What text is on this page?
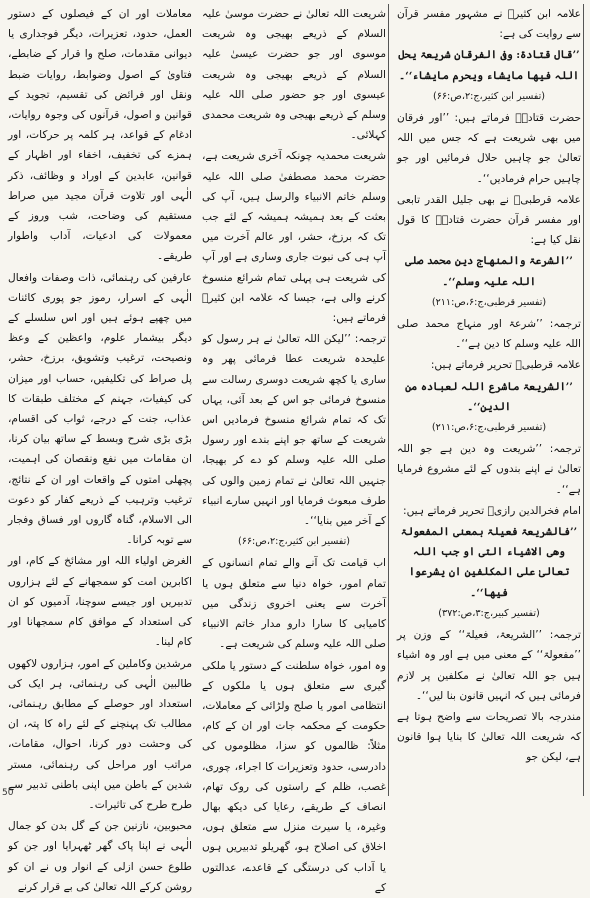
علامہ ابن کثیرؒ نے مشہور مفسر قرآن سے روایت کی ہے:

’’قال قتادۃ: وفی الفرقان شریعۃ یحل اللہ فیھا مایشاء ویحرم مایشاء‘‘۔

(تفسیر ابن کثیر،ج:۲،ص:۶۶)

حضرت قتادہؒ فرماتے ہیں: ’’اور فرقان میں بھی شریعت ہے کہ جس میں اللہ تعالیٰ جو چاہیں حلال فرمائیں اور جو چاہیں حرام فرمادیں‘‘۔

علامہ قرطبیؒ نے بھی جلیل القدر تابعی اور مفسر قرآن حضرت قتادہؒ کا قول نقل کیا ہے:

’’الشرعۃ والمنھاج دین محمد صلی اللہ علیہ وسلم‘‘۔

(تفسیر قرطبی،ج:۶،ص:۲۱۱)

ترجمہ: ’’شرعۃ اور منہاج محمد صلی اللہ علیہ وسلم کا دین ہے‘‘۔

علامہ قرطبیؒ تحریر فرماتے ہیں:

’’الشریعۃ ماشرع اللہ لعبادہ من الدین‘‘۔

(تفسیر قرطبی،ج:۶،ص:۲۱۱)

ترجمہ: ’’شریعت وہ دین ہے جو اللہ تعالیٰ نے اپنے بندوں کے لئے مشروع فرمایا ہے‘‘۔

امام فخرالدین رازیؒ تحریر فرماتے ہیں:

’’فالشریعۃ فعیلۃ بمعنی المفعولۃ وھی الاشیاء التی او جب اللہ تعالیٰ علی المکلفین ان یشرعوا فیھا‘‘۔

(تفسیر کبیر،ج:۳،ص:۳۷۲)

ترجمہ: ’’الشریعۃ، فعیلۃ‘‘ کے وزن پر ’’مفعولۃ‘‘ کے معنی میں ہے اور وہ اشیاء ہیں جو اللہ تعالیٰ نے مکلفین پر لازم فرمائی ہیں کہ انہیں قانون بنا لیں‘‘۔

مندرجہ بالا تصریحات سے واضح ہوتا ہے کہ شریعت اللہ تعالیٰ کا بنایا ہوا قانون ہے، لیکن جو

شریعت اللہ تعالیٰ نے حضرت موسیٰ علیہ السلام کے ذریعے بھیجی وہ شریعت موسوی اور جو حضرت عیسیٰ علیہ السلام کے ذریعے بھیجی وہ شریعت عیسوی اور جو حضور صلی اللہ علیہ وسلم کے ذریعے بھیجی وہ شریعت محمدی کہلائی۔

شریعت محمدیہ چونکہ آخری شریعت ہے، حضرت محمد مصطفیٰ صلی اللہ علیہ وسلم خاتم الانبیاء والرسل ہیں، آپ کی بعثت کے بعد ہمیشہ ہمیشہ کے لئے جب تک کہ برزخ، حشر، اور عالم آخرت میں آپ ہی کی نبوت جاری وساری ہے اور آپ کی شریعت ہی پہلی تمام شرائع منسوخ کرنے والی ہے، جیسا کہ علامہ ابن کثیرؒ فرماتے ہیں:

ترجمہ: ’’لیکن اللہ تعالیٰ نے ہر رسول کو علیحدہ شریعت عطا فرمائی پھر وہ ساری یا کچھ شریعت دوسری رسالت سے منسوخ فرمائی جو اس کے بعد آئی، یہاں تک کہ تمام شرائع منسوخ فرمادیں اس شریعت کے ساتھ جو اپنے بندے اور رسول صلی اللہ علیہ وسلم کو دے کر بھیجا، جنہیں اللہ تعالیٰ نے تمام زمین والوں کی طرف مبعوث فرمایا اور انہیں سارے انبیاء کے آخر میں بنایا‘‘۔

(تفسیر ابن کثیر،ج:۲،ص:۶۶)

اب قیامت تک آنے والے تمام انسانوں کے تمام امور، خواہ دنیا سے متعلق ہوں یا آخرت سے یعنی اخروی زندگی میں کامیابی کا سارا دارو مدار خاتم الانبیاء صلی اللہ علیہ وسلم کی شریعت ہے۔

وہ امور، خواہ سلطنت کے دستور یا ملکی گیری سے متعلق ہوں یا ملکوں کے انتظامی امور یا صلح ولڑائی کے معاملات، حکومت کے محکمہ جات اور ان کے کام، مثلاً: ظالموں کو سزا، مظلوموں کی دادرسی، حدود وتعزیرات کا اجراء، چوری، غصب، ظلم کے راستوں کی روک تھام، انصاف کے طریقے، رعایا کی دیکھ بھال وغیرہ، یا سیرت منزل سے متعلق ہوں، اخلاق کی اصلاح ہو، گھریلو تدبیریں ہوں یا آداب کی درستگی کے قاعدے، عدالتوں کے

معاملات اور ان کے فیصلوں کے دستور العمل، حدود، تعزیرات، دیگر فوجداری یا دیوانی مقدمات، صلح وا قرار کے ضابطے، فتاویٰ کے اصول وضوابط، روایات ضبط ونقل اور فرائض کی تقسیم، تجوید کے قوانین و اصول، قرآنوں کی وجوہ روایات، ادغام کے قواعد، ہر کلمہ پر حرکات، اور ہمزے کی تخفیف، اخفاء اور اظہار کے قوانین، عابدین کے اوراد و وظائف، ذکر الٰہی اور تلاوت قرآن مجید میں صراط مستقیم کی وضاحت، شب وروز کے معمولات کی ادعیات، آداب واطوار طریقے۔

عارفین کی رہنمائی، ذات وصفات وافعال الٰہی کے اسرار، رموز جو پوری کائنات میں چھپے ہوئے ہیں اور اس سلسلے کے دیگر بیشمار علوم، واعظین کے وعظ ونصیحت، ترغیب وتشویق، برزخ، حشر، پل صراط کی تکلیفیں، حساب اور میزان کی کیفیات، جہنم کے مختلف طبقات کا عذاب، جنت کے درجے، ثواب کی اقسام، بڑی بڑی شرح وبسط کے ساتھ بیان کرنا، ان مقامات میں نفع ونقصان کی اہمیت، پچھلی امتوں کے واقعات اور ان کے نتائج، ترغیب وترہیب کے ذریعے کفار کو دعوت الی الاسلام، گناہ گاروں اور فساق وفجار سے توبہ کرانا۔

الغرض اولیاء اللہ اور مشائخ کے کام، اور اکابرین امت کو سمجھانے کے لئے ہزاروں تدبیریں اور جیسے سوچنا، آدمیوں کو ان کی استعداد کے موافق کام سمجھانا اور کام لینا۔

مرشدین وکاملین کے امور، ہزاروں لاکھوں طالبین الٰہی کی رہنمائی، ہر ایک کی استعداد اور حوصلے کے مطابق رہنمائی، مطالب تک پہنچنے کے لئے راہ کا پتہ، ان کی وحشت دور کرنا، احوال، مقامات، مراتب اور مراحل کی رہنمائی، مستر شدین کے باطن میں اپنی باطنی تدبیر سے طرح طرح کی تاثیرات۔

محبوبین، نازنین جن کے گل بدن کو جمال الٰہی نے اپنا پاک گھر ٹھہرایا اور جن کو طلوع حسن ازلی کے انوار وں نے ان کو روشن کرکے اللہ تعالیٰ کی بے قرار کرنے

50
